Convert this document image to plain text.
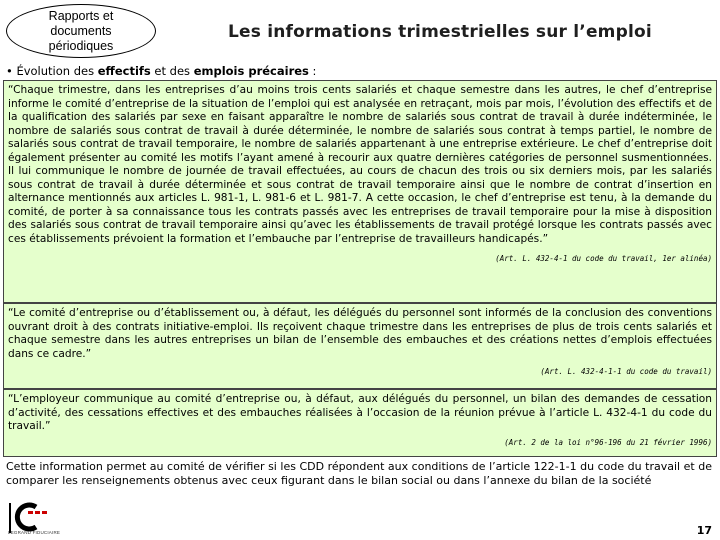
Rapports et
documents
périodiques
Les informations trimestrielles sur l’emploi
• Évolution des effectifs et des emplois précaires :
“Chaque trimestre, dans les entreprises d’au moins trois cents salariés et chaque semestre dans les autres, le chef d’entreprise informe le comité d’entreprise de la situation de l’emploi qui est analysée en retraçant, mois par mois, l’évolution des effectifs et de la qualification des salariés par sexe en faisant apparaître le nombre de salariés sous contrat de travail à durée indéterminée, le nombre de salariés sous contrat de travail à durée déterminée, le nombre de salariés sous contrat à temps partiel, le nombre de salariés sous contrat de travail temporaire, le nombre de salariés appartenant à une entreprise extérieure. Le chef d’entreprise doit également présenter au comité les motifs l’ayant amené à recourir aux quatre dernières catégories de personnel susmentionnées. Il lui communique le nombre de journée de travail effectuées, au cours de chacun des trois ou six derniers mois, par les salariés sous contrat de travail à durée déterminée et sous contrat de travail temporaire ainsi que le nombre de contrat d’insertion en alternance mentionnés aux articles L. 981-1, L. 981-6 et L. 981-7. A cette occasion, le chef d’entreprise est tenu, à la demande du comité, de porter à sa connaissance tous les contrats passés avec les entreprises de travail temporaire pour la mise à disposition des salariés sous contrat de travail temporaire ainsi qu’avec les établissements de travail protégé lorsque les contrats passés avec ces établissements prévoient la formation et l’embauche par l’entreprise de travailleurs handicapés.”
(Art. L. 432-4-1 du code du travail, 1er alinéa)
“Le comité d’entreprise ou d’établissement ou, à défaut, les délégués du personnel sont informés de la conclusion des conventions ouvrant droit à des contrats initiative-emploi. Ils reçoivent chaque trimestre dans les entreprises de plus de trois cents salariés et chaque semestre dans les autres entreprises un bilan de l’ensemble des embauches et des créations nettes d’emplois effectuées dans ce cadre.”
(Art. L. 432-4-1-1 du code du travail)
“L’employeur communique au comité d’entreprise ou, à défaut, aux délégués du personnel, un bilan des demandes de cessation d’activité, des cessations effectives et des embauches réalisées à l’occasion de la réunion prévue à l’article L. 432-4-1 du code du travail.”
(Art. 2 de la loi n°96-196 du 21 février 1996)
Cette information permet au comité de vérifier si les CDD répondent aux conditions de l’article 122-1-1 du code du travail et de comparer les renseignements obtenus avec ceux figurant dans le bilan social ou dans l’annexe du bilan de la société
LEGRAND FIDUCIAIRE	17
